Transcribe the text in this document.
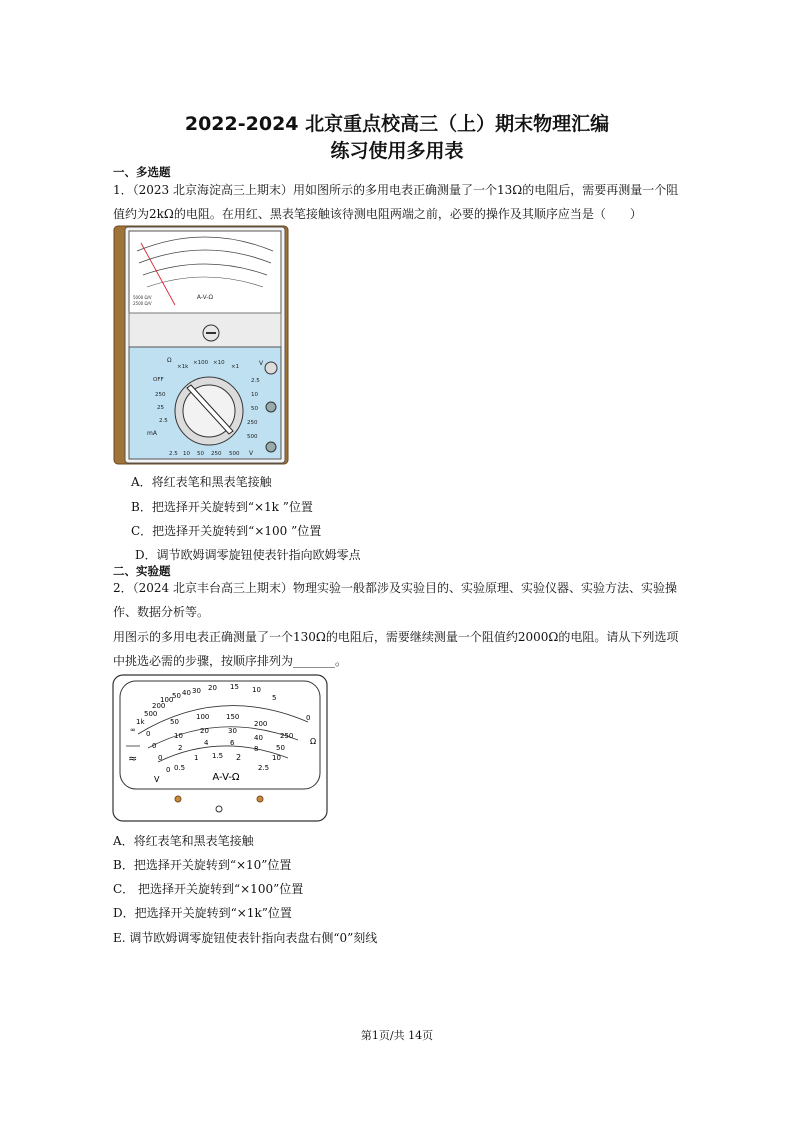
2022-2024 北京重点校高三（上）期末物理汇编
练习使用多用表
一、多选题
1．（2023 北京海淀高三上期末）用如图所示的多用电表正确测量了一个13Ω的电阻后，需要再测量一个阻
值约为2kΩ的电阻。在用红、黑表笔接触该待测电阻两端之前，必要的操作及其顺序应当是（　　）
A-V-Ω
5000 Ω/V
2500 Ω/V
Ω
×1k
×100 ×10
×1
OFF
250
25
2.5
mA
2.5 10 50 250 500 V
V
2.5
10
50
250
500
A．将红表笔和黑表笔接触
B．把选择开关旋转到“×1k ”位置
C．把选择开关旋转到“×100 ”位置
D．调节欧姆调零旋钮使表针指向欧姆零点
二、实验题
2．（2024 北京丰台高三上期末）物理实验一般都涉及实验目的、实验原理、实验仪器、实验方法、实验操
作、数据分析等。
用图示的多用电表正确测量了一个130Ω的电阻后，需要继续测量一个阻值约2000Ω的电阻。请从下列选项
中挑选必需的步骤，按顺序排列为_______。
∞
1k
500
200
100
50 40 30 20 15 10
5
0
0
50
100 150
200
250
0
10
20	30
40
50
0
2
4	6
8
10
0 0.5
1 1.5 2
2.5
Ω
≈
V	A-V-Ω
A．将红表笔和黑表笔接触
B．把选择开关旋转到“×10”位置
C． 把选择开关旋转到“×100”位置
D．把选择开关旋转到“×1k”位置
E. 调节欧姆调零旋钮使表针指向表盘右侧“0”刻线
第1页/共 14页
